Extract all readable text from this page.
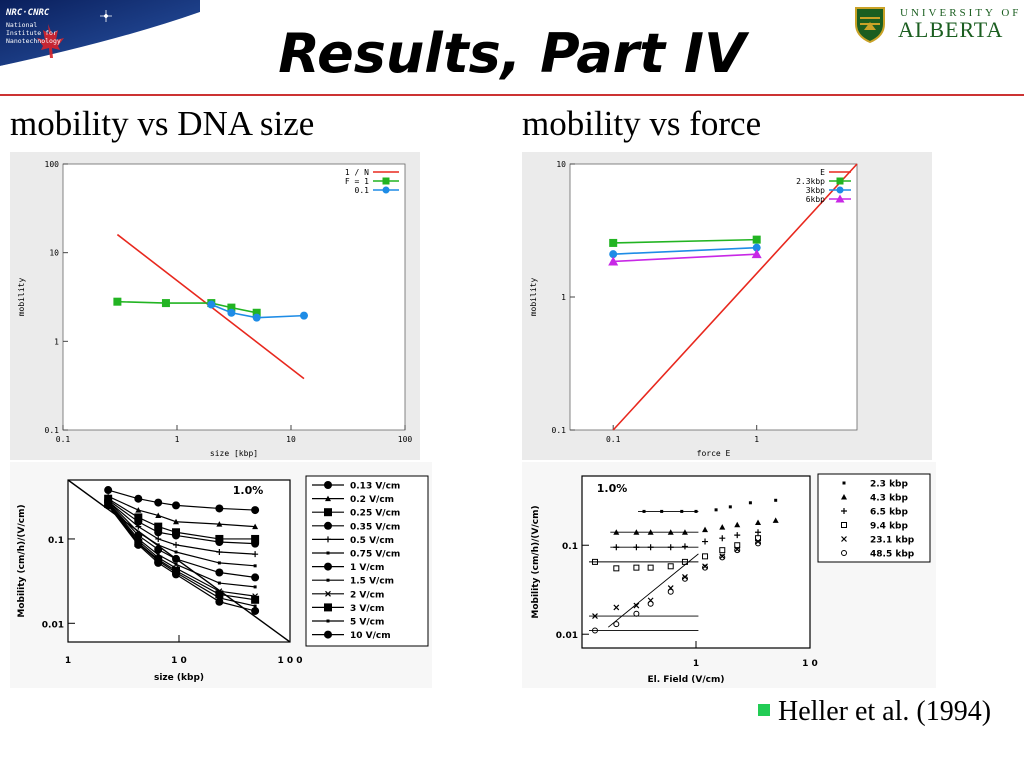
NRC·CNRC
National
Institute for
Nanotechnology
UNIVERSITY OF
ALBERTA
Results, Part IV
mobility vs DNA size	mobility vs force
0.1
1
10
100
0.1	1	10	100
size [kbp]
mobility
1 / N
F = 1
0.1
0.1
1
10
0.1	1
force E
mobility
E
2.3kbp
3kbp
6kbp
0.01
0.1
1	1 0	1 0 0
size (kbp)
Mobility (cm/h)/(V/cm)
1.0%	0.13 V/cm
0.2 V/cm
0.25 V/cm
0.35 V/cm
0.5 V/cm
0.75 V/cm
1 V/cm
1.5 V/cm
2 V/cm
3 V/cm
5 V/cm
10 V/cm	0.01
0.1
1	1 0
El. Field (V/cm)
Mobility (cm/h)/(V/cm)
1.0%	2.3 kbp
4.3 kbp
6.5 kbp
9.4 kbp
23.1 kbp
48.5 kbp
Heller et al. (1994)
